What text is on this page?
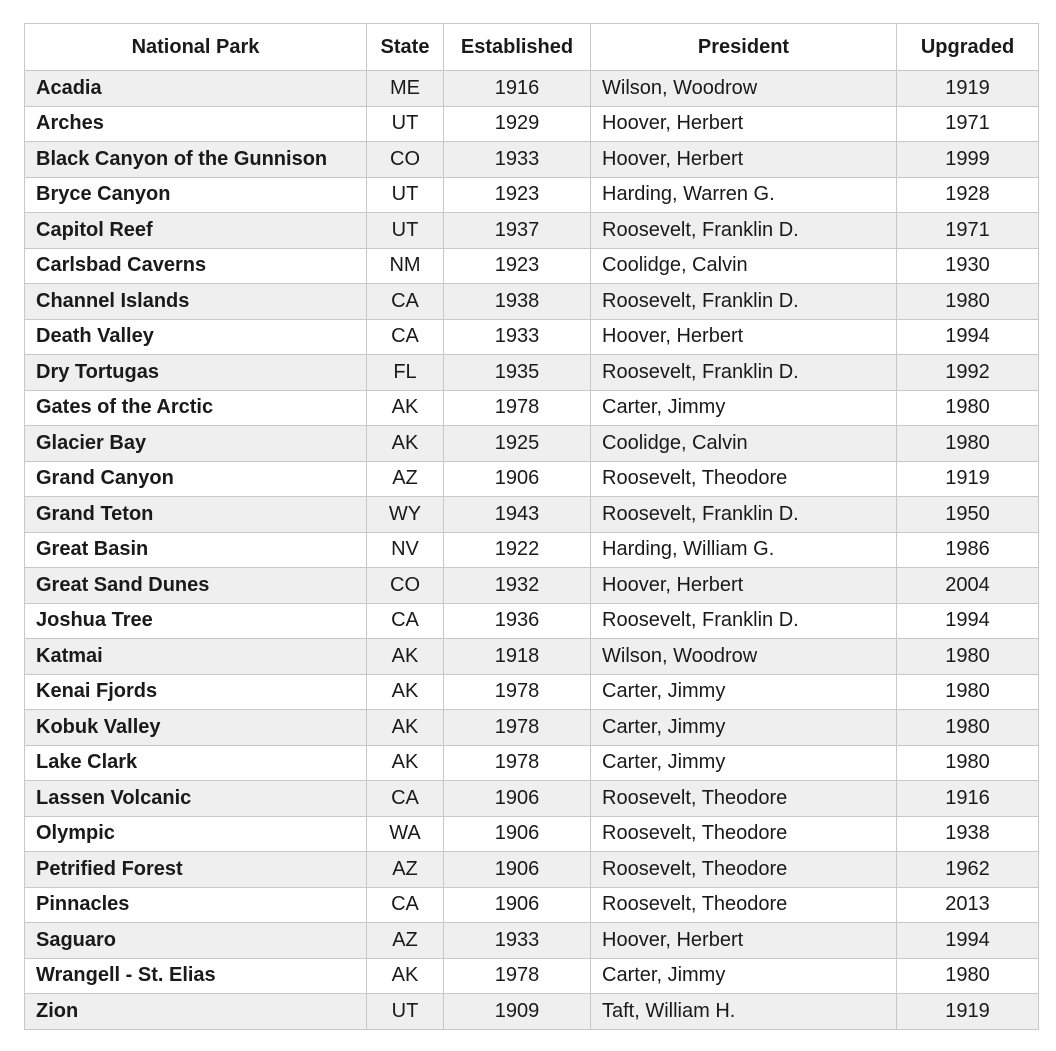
National Park	State	Established	President	Upgraded
Acadia	ME	1916	Wilson, Woodrow	1919
Arches	UT	1929	Hoover, Herbert	1971
Black Canyon of the Gunnison	CO	1933	Hoover, Herbert	1999
Bryce Canyon	UT	1923	Harding, Warren G.	1928
Capitol Reef	UT	1937	Roosevelt, Franklin D.	1971
Carlsbad Caverns	NM	1923	Coolidge, Calvin	1930
Channel Islands	CA	1938	Roosevelt, Franklin D.	1980
Death Valley	CA	1933	Hoover, Herbert	1994
Dry Tortugas	FL	1935	Roosevelt, Franklin D.	1992
Gates of the Arctic	AK	1978	Carter, Jimmy	1980
Glacier Bay	AK	1925	Coolidge, Calvin	1980
Grand Canyon	AZ	1906	Roosevelt, Theodore	1919
Grand Teton	WY	1943	Roosevelt, Franklin D.	1950
Great Basin	NV	1922	Harding, William G.	1986
Great Sand Dunes	CO	1932	Hoover, Herbert	2004
Joshua Tree	CA	1936	Roosevelt, Franklin D.	1994
Katmai	AK	1918	Wilson, Woodrow	1980
Kenai Fjords	AK	1978	Carter, Jimmy	1980
Kobuk Valley	AK	1978	Carter, Jimmy	1980
Lake Clark	AK	1978	Carter, Jimmy	1980
Lassen Volcanic	CA	1906	Roosevelt, Theodore	1916
Olympic	WA	1906	Roosevelt, Theodore	1938
Petrified Forest	AZ	1906	Roosevelt, Theodore	1962
Pinnacles	CA	1906	Roosevelt, Theodore	2013
Saguaro	AZ	1933	Hoover, Herbert	1994
Wrangell - St. Elias	AK	1978	Carter, Jimmy	1980
Zion	UT	1909	Taft, William H.	1919
